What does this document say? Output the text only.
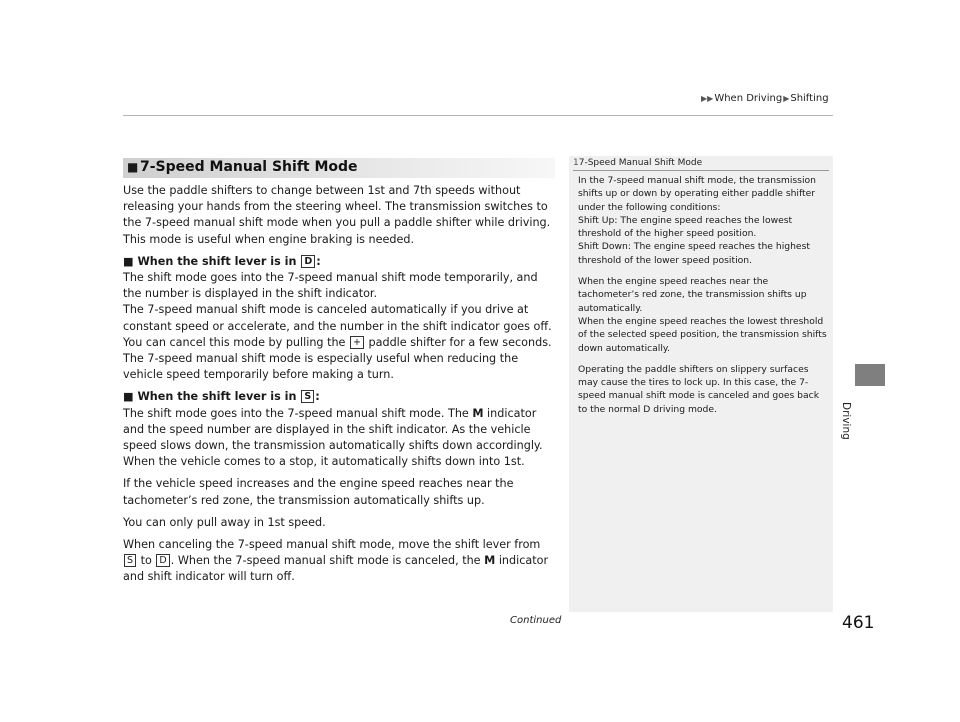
▶▶When Driving▶Shifting
Driving
■ 7-Speed Manual Shift Mode

Use the paddle shifters to change between 1st and 7th speeds without releasing your hands from the steering wheel. The transmission switches to the 7-speed manual shift mode when you pull a paddle shifter while driving. This mode is useful when engine braking is needed.

■ When the shift lever is in D :

The shift mode goes into the 7-speed manual shift mode temporarily, and the number is displayed in the shift indicator.

The 7-speed manual shift mode is canceled automatically if you drive at constant speed or accelerate, and the number in the shift indicator goes off.

You can cancel this mode by pulling the + paddle shifter for a few seconds.

The 7-speed manual shift mode is especially useful when reducing the vehicle speed temporarily before making a turn.

■ When the shift lever is in S :

The shift mode goes into the 7-speed manual shift mode. The M indicator and the speed number are displayed in the shift indicator. As the vehicle speed slows down, the transmission automatically shifts down accordingly. When the vehicle comes to a stop, it automatically shifts down into 1st.

If the vehicle speed increases and the engine speed reaches near the tachometer’s red zone, the transmission automatically shifts up.

You can only pull away in 1st speed.

When canceling the 7-speed manual shift mode, move the shift lever from S to D . When the 7-speed manual shift mode is canceled, the M indicator and shift indicator will turn off.

17-Speed Manual Shift Mode

In the 7-speed manual shift mode, the transmission shifts up or down by operating either paddle shifter under the following conditions:

Shift Up: The engine speed reaches the lowest threshold of the higher speed position.

Shift Down: The engine speed reaches the highest threshold of the lower speed position.

When the engine speed reaches near the tachometer’s red zone, the transmission shifts up automatically.

When the engine speed reaches the lowest threshold of the selected speed position, the transmission shifts down automatically.

Operating the paddle shifters on slippery surfaces may cause the tires to lock up. In this case, the 7-speed manual shift mode is canceled and goes back to the normal D driving mode.

Continued	461
